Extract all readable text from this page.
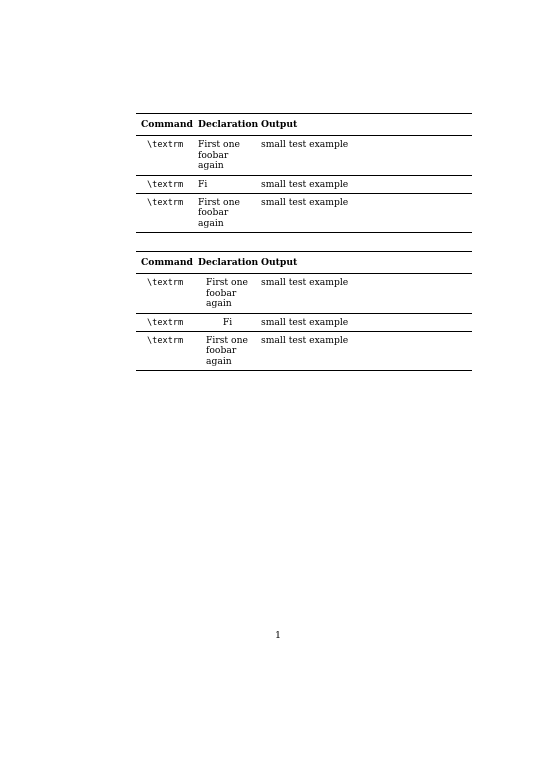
Command	Declaration	Output

\textrm	First one
foobar
again	small test example

\textrm	Fi	small test example

\textrm	First one
foobar
again	small test example
Command	Declaration	Output

\textrm	First one
foobar
again	small test example

\textrm	Fi	small test example

\textrm	First one
foobar
again	small test example
1
